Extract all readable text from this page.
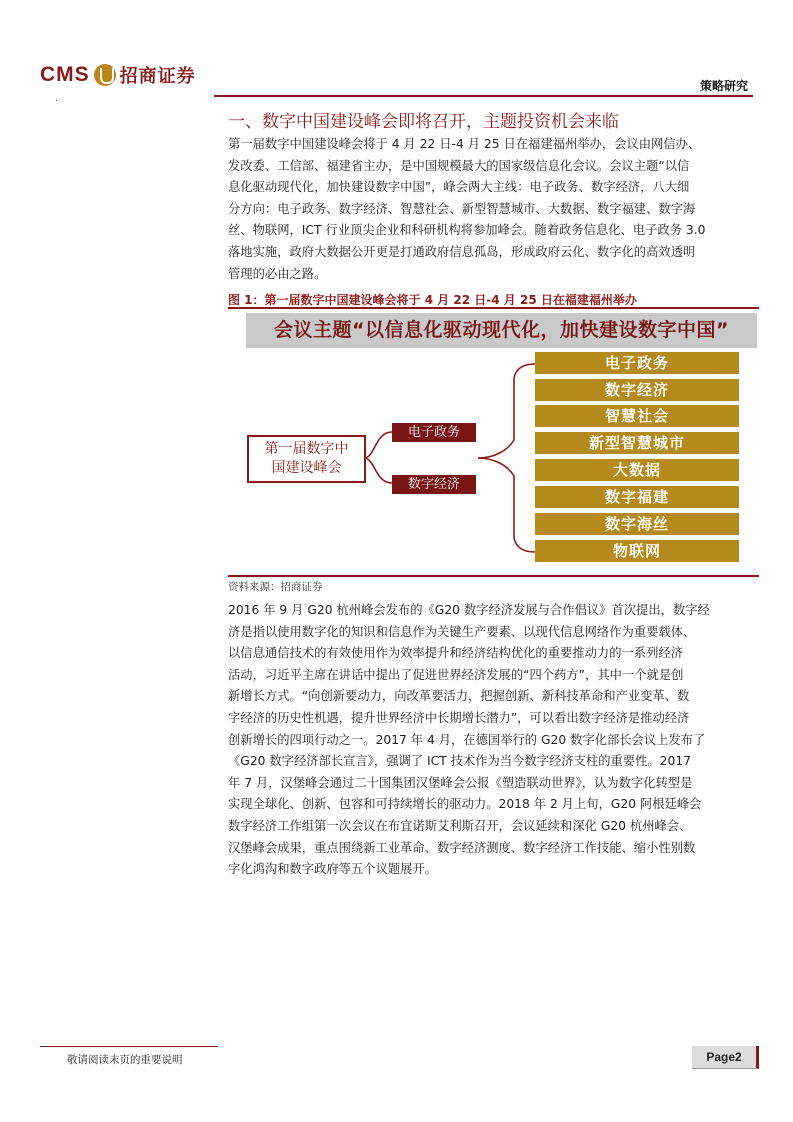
CMS 招商证券	策略研究
一、数字中国建设峰会即将召开，主题投资机会来临
第一届数字中国建设峰会将于 4 月 22 日-4 月 25 日在福建福州举办，会议由网信办、
发改委、工信部、福建省主办，是中国规模最大的国家级信息化会议。会议主题“以信
息化驱动现代化，加快建设数字中国”，峰会两大主线：电子政务、数字经济，八大细
分方向：电子政务、数字经济、智慧社会、新型智慧城市、大数据、数字福建、数字海
丝、物联网，ICT 行业顶尖企业和科研机构将参加峰会。随着政务信息化、电子政务 3.0
落地实施，政府大数据公开更是打通政府信息孤岛，形成政府云化、数字化的高效透明
管理的必由之路。
图 1：第一届数字中国建设峰会将于 4 月 22 日-4 月 25 日在福建福州举办
会议主题“以信息化驱动现代化，加快建设数字中国”
第一届数字中
国建设峰会
电子政务
数字经济
电子政务
数字经济
智慧社会
新型智慧城市
大数据
数字福建
数字海丝
物联网
资料来源：招商证券
2016 年 9 月 G20 杭州峰会发布的《G20 数字经济发展与合作倡议》首次提出，数字经
济是指以使用数字化的知识和信息作为关键生产要素、以现代信息网络作为重要载体、
以信息通信技术的有效使用作为效率提升和经济结构优化的重要推动力的一系列经济
活动，习近平主席在讲话中提出了促进世界经济发展的“四个药方”，其中一个就是创
新增长方式。“向创新要动力，向改革要活力，把握创新、新科技革命和产业变革、数
字经济的历史性机遇，提升世界经济中长期增长潜力”，可以看出数字经济是推动经济
创新增长的四项行动之一。2017 年 4 月，在德国举行的 G20 数字化部长会议上发布了
《G20 数字经济部长宣言》，强调了 ICT 技术作为当今数字经济支柱的重要性。2017
年 7 月，汉堡峰会通过二十国集团汉堡峰会公报《塑造联动世界》，认为数字化转型是
实现全球化、创新、包容和可持续增长的驱动力。2018 年 2 月上旬，G20 阿根廷峰会
数字经济工作组第一次会议在布宜诺斯艾利斯召开，会议延续和深化 G20 杭州峰会、
汉堡峰会成果，重点围绕新工业革命、数字经济测度、数字经济工作技能、缩小性别数
字化鸿沟和数字政府等五个议题展开。
敬请阅读末页的重要说明	Page2
